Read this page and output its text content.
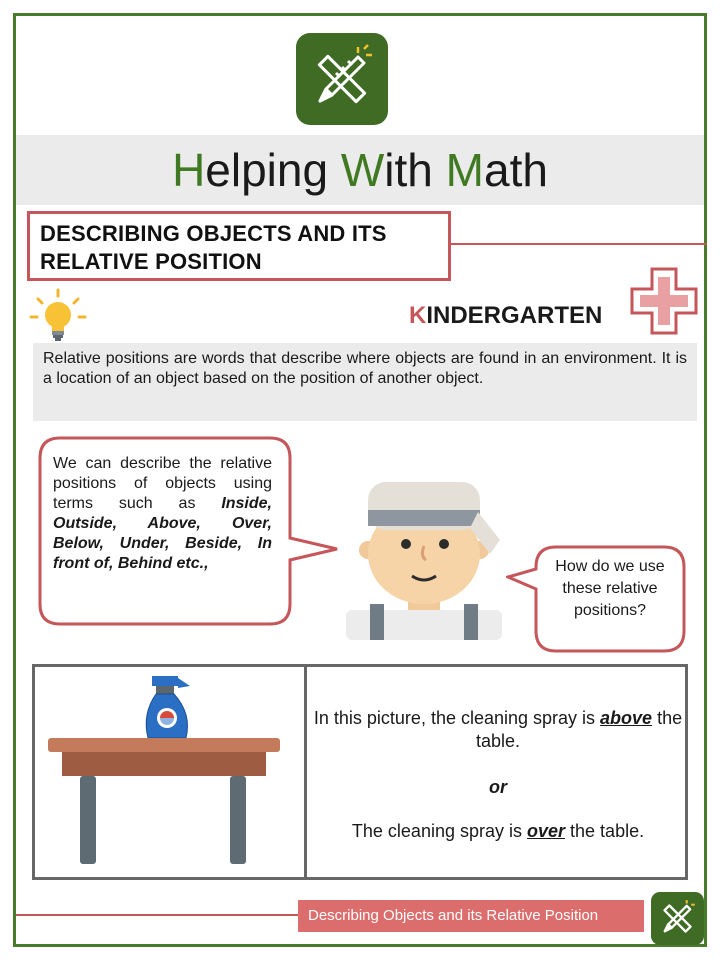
Helping With Math
DESCRIBING OBJECTS AND ITS
RELATIVE POSITION
KINDERGARTEN

Relative positions are words that describe where objects are found in an environment. It is a location of an object based on the position of another object.

We can describe the relative positions of objects using terms such as Inside, Outside, Above, Over, Below, Under, Beside, In front of, Behind etc.,	How do we use these relative positions?
In this picture, the cleaning spray is above the table.
or
The cleaning spray is over the table.
Describing Objects and its Relative Position
